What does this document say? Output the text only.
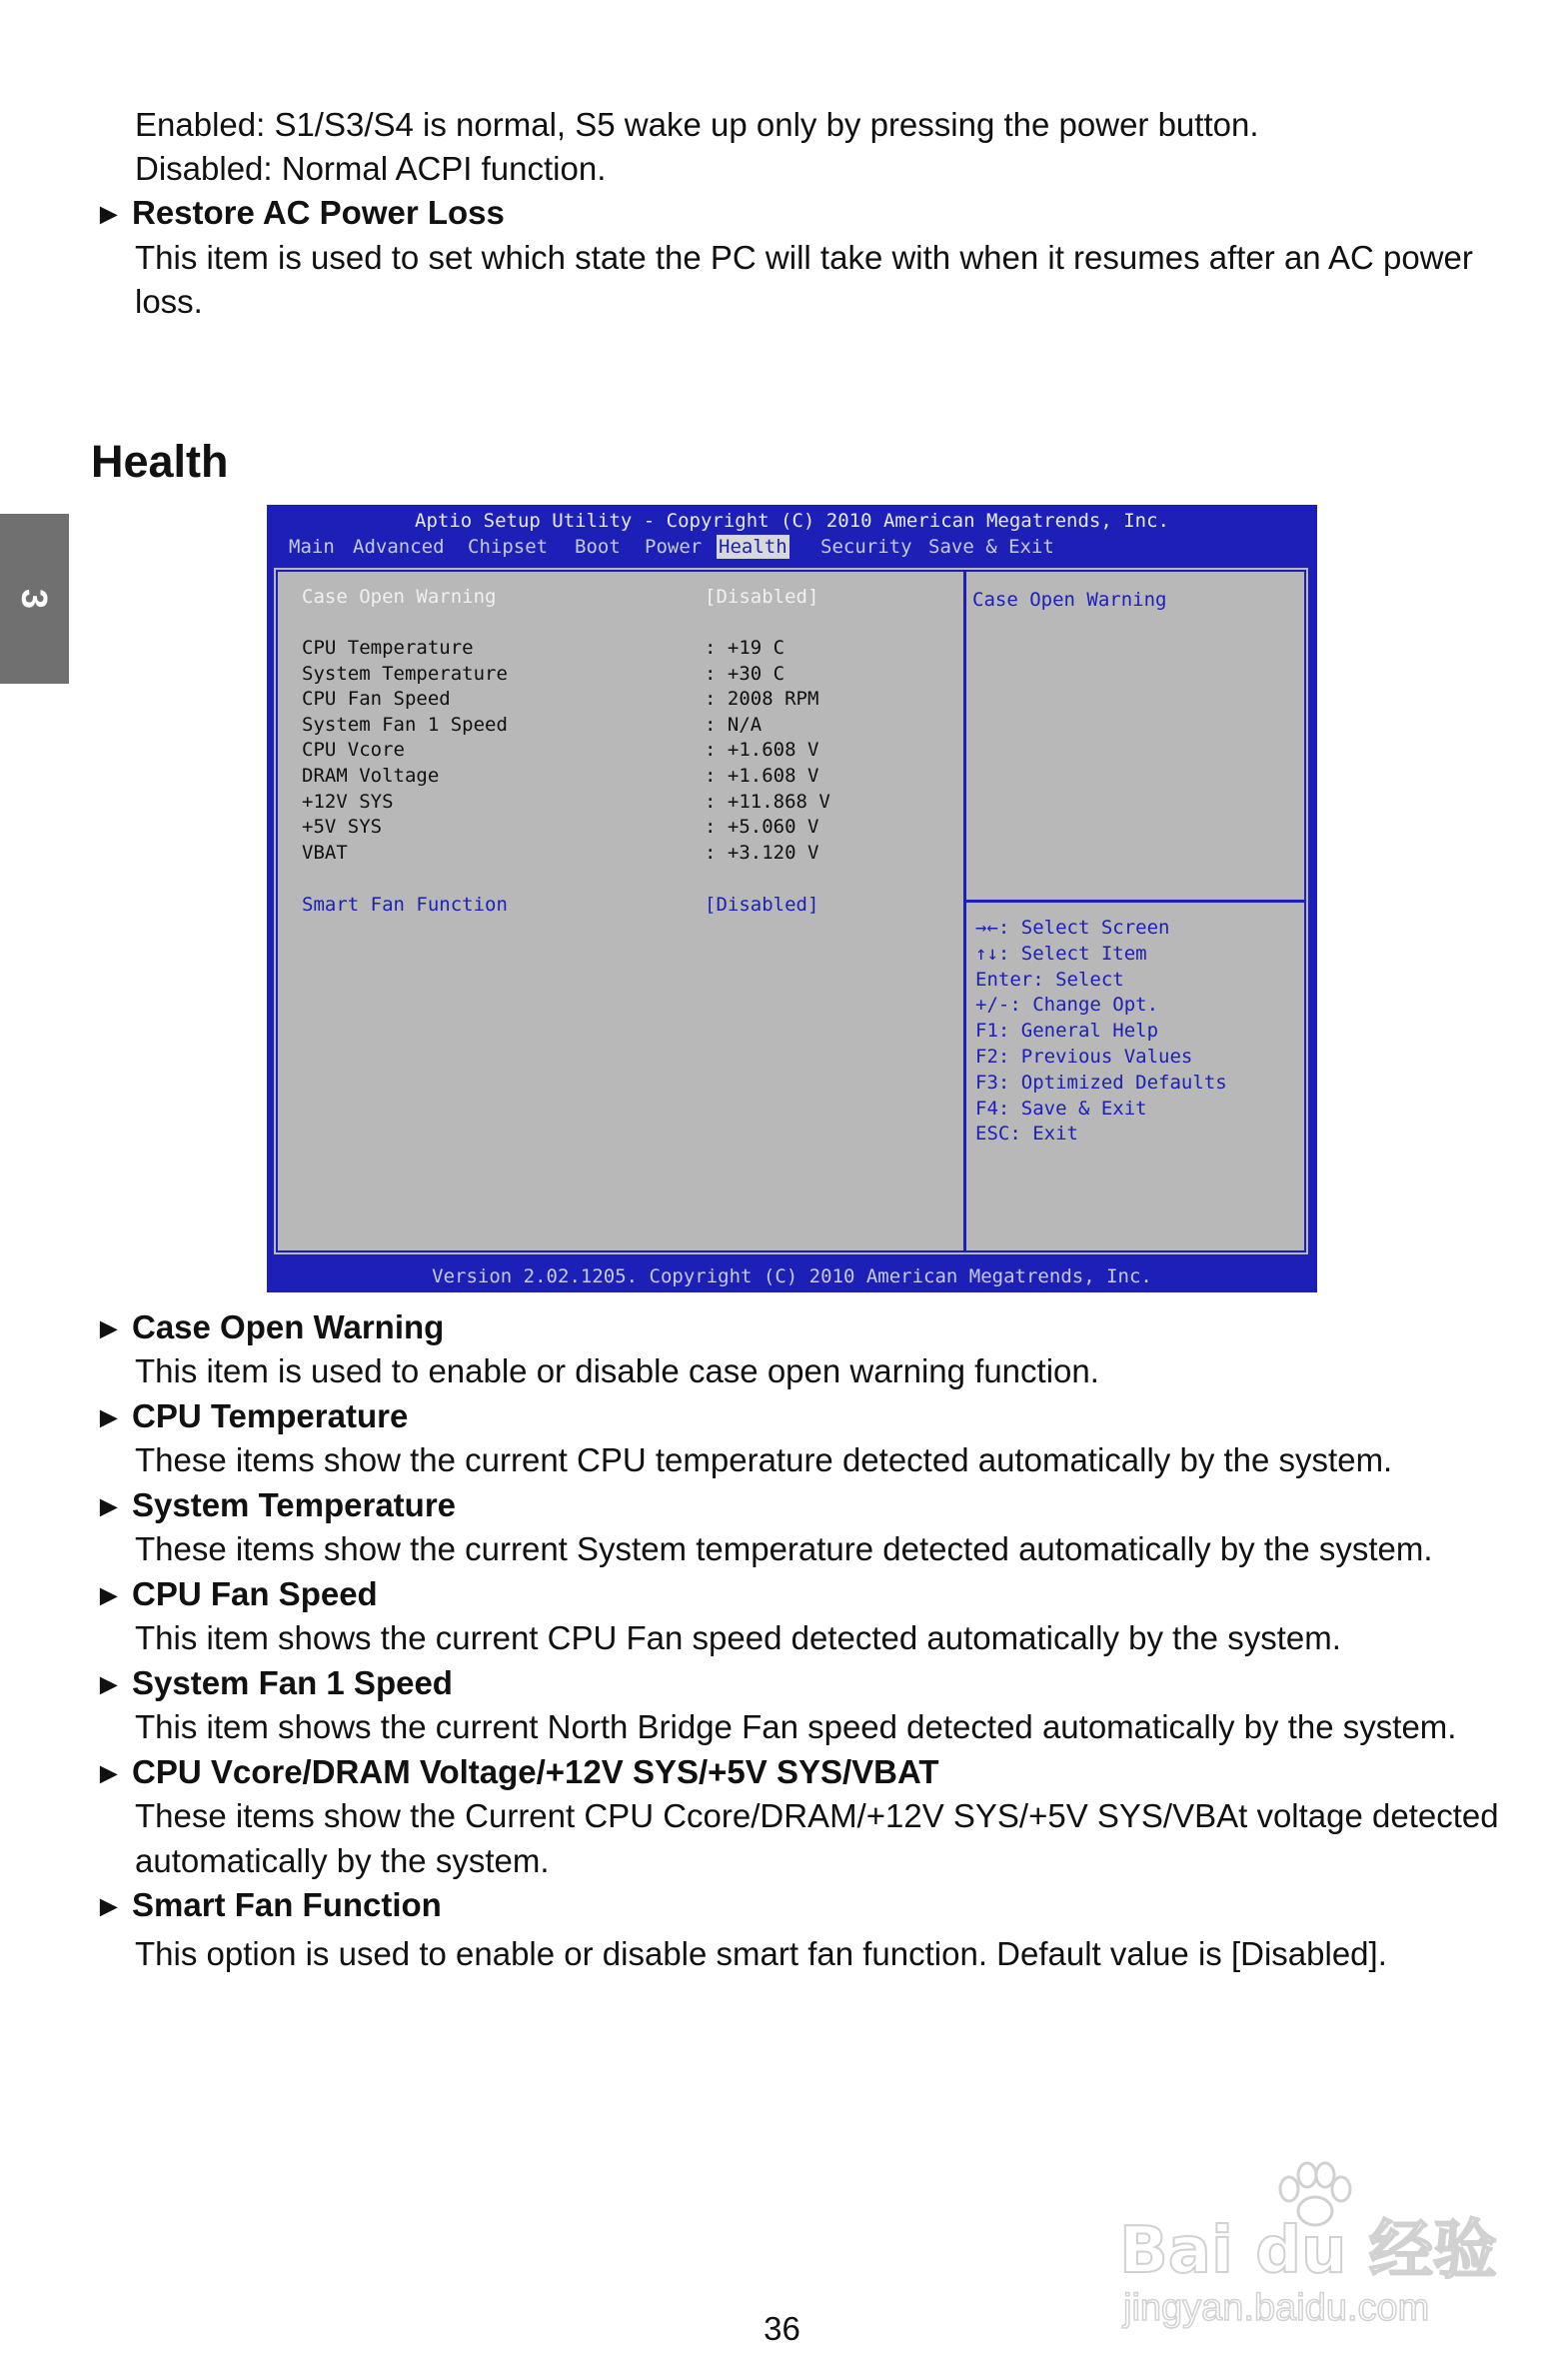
Enabled: S1/S3/S4 is normal, S5 wake up only by pressing the power button.
Disabled: Normal ACPI function.
► Restore AC Power Loss
This item is used to set which state the PC will take with when it resumes after an AC power
loss.
3
Health
Aptio Setup Utility - Copyright (C) 2010 American Megatrends, Inc.
Main Advanced Chipset Boot Power Health Security Save & Exit
Case Open Warning	[Disabled]
CPU Temperature	: +19 C
System Temperature	: +30 C
CPU Fan Speed	: 2008 RPM
System Fan 1 Speed	: N/A
CPU Vcore	: +1.608 V
DRAM Voltage	: +1.608 V
+12V SYS	: +11.868 V
+5V SYS	: +5.060 V
VBAT	: +3.120 V
Smart Fan Function	[Disabled]
Case Open Warning
→←: Select Screen
↑↓: Select Item
Enter: Select
+/-: Change Opt.
F1: General Help
F2: Previous Values
F3: Optimized Defaults
F4: Save & Exit
ESC: Exit
Version 2.02.1205. Copyright (C) 2010 American Megatrends, Inc.
► Case Open Warning
This item is used to enable or disable case open warning function.
► CPU Temperature
These items show the current CPU temperature detected automatically by the system.
► System Temperature
These items show the current System temperature detected automatically by the system.
► CPU Fan Speed
This item shows the current CPU Fan speed detected automatically by the system.
► System Fan 1 Speed
This item shows the current North Bridge Fan speed detected automatically by the system.
► CPU Vcore/DRAM Voltage/+12V SYS/+5V SYS/VBAT
These items show the Current CPU Ccore/DRAM/+12V SYS/+5V SYS/VBAt voltage detected
automatically by the system.
► Smart Fan Function
This option is used to enable or disable smart fan function. Default value is [Disabled].
Bai du 经验
jingyan.baidu.com
36
